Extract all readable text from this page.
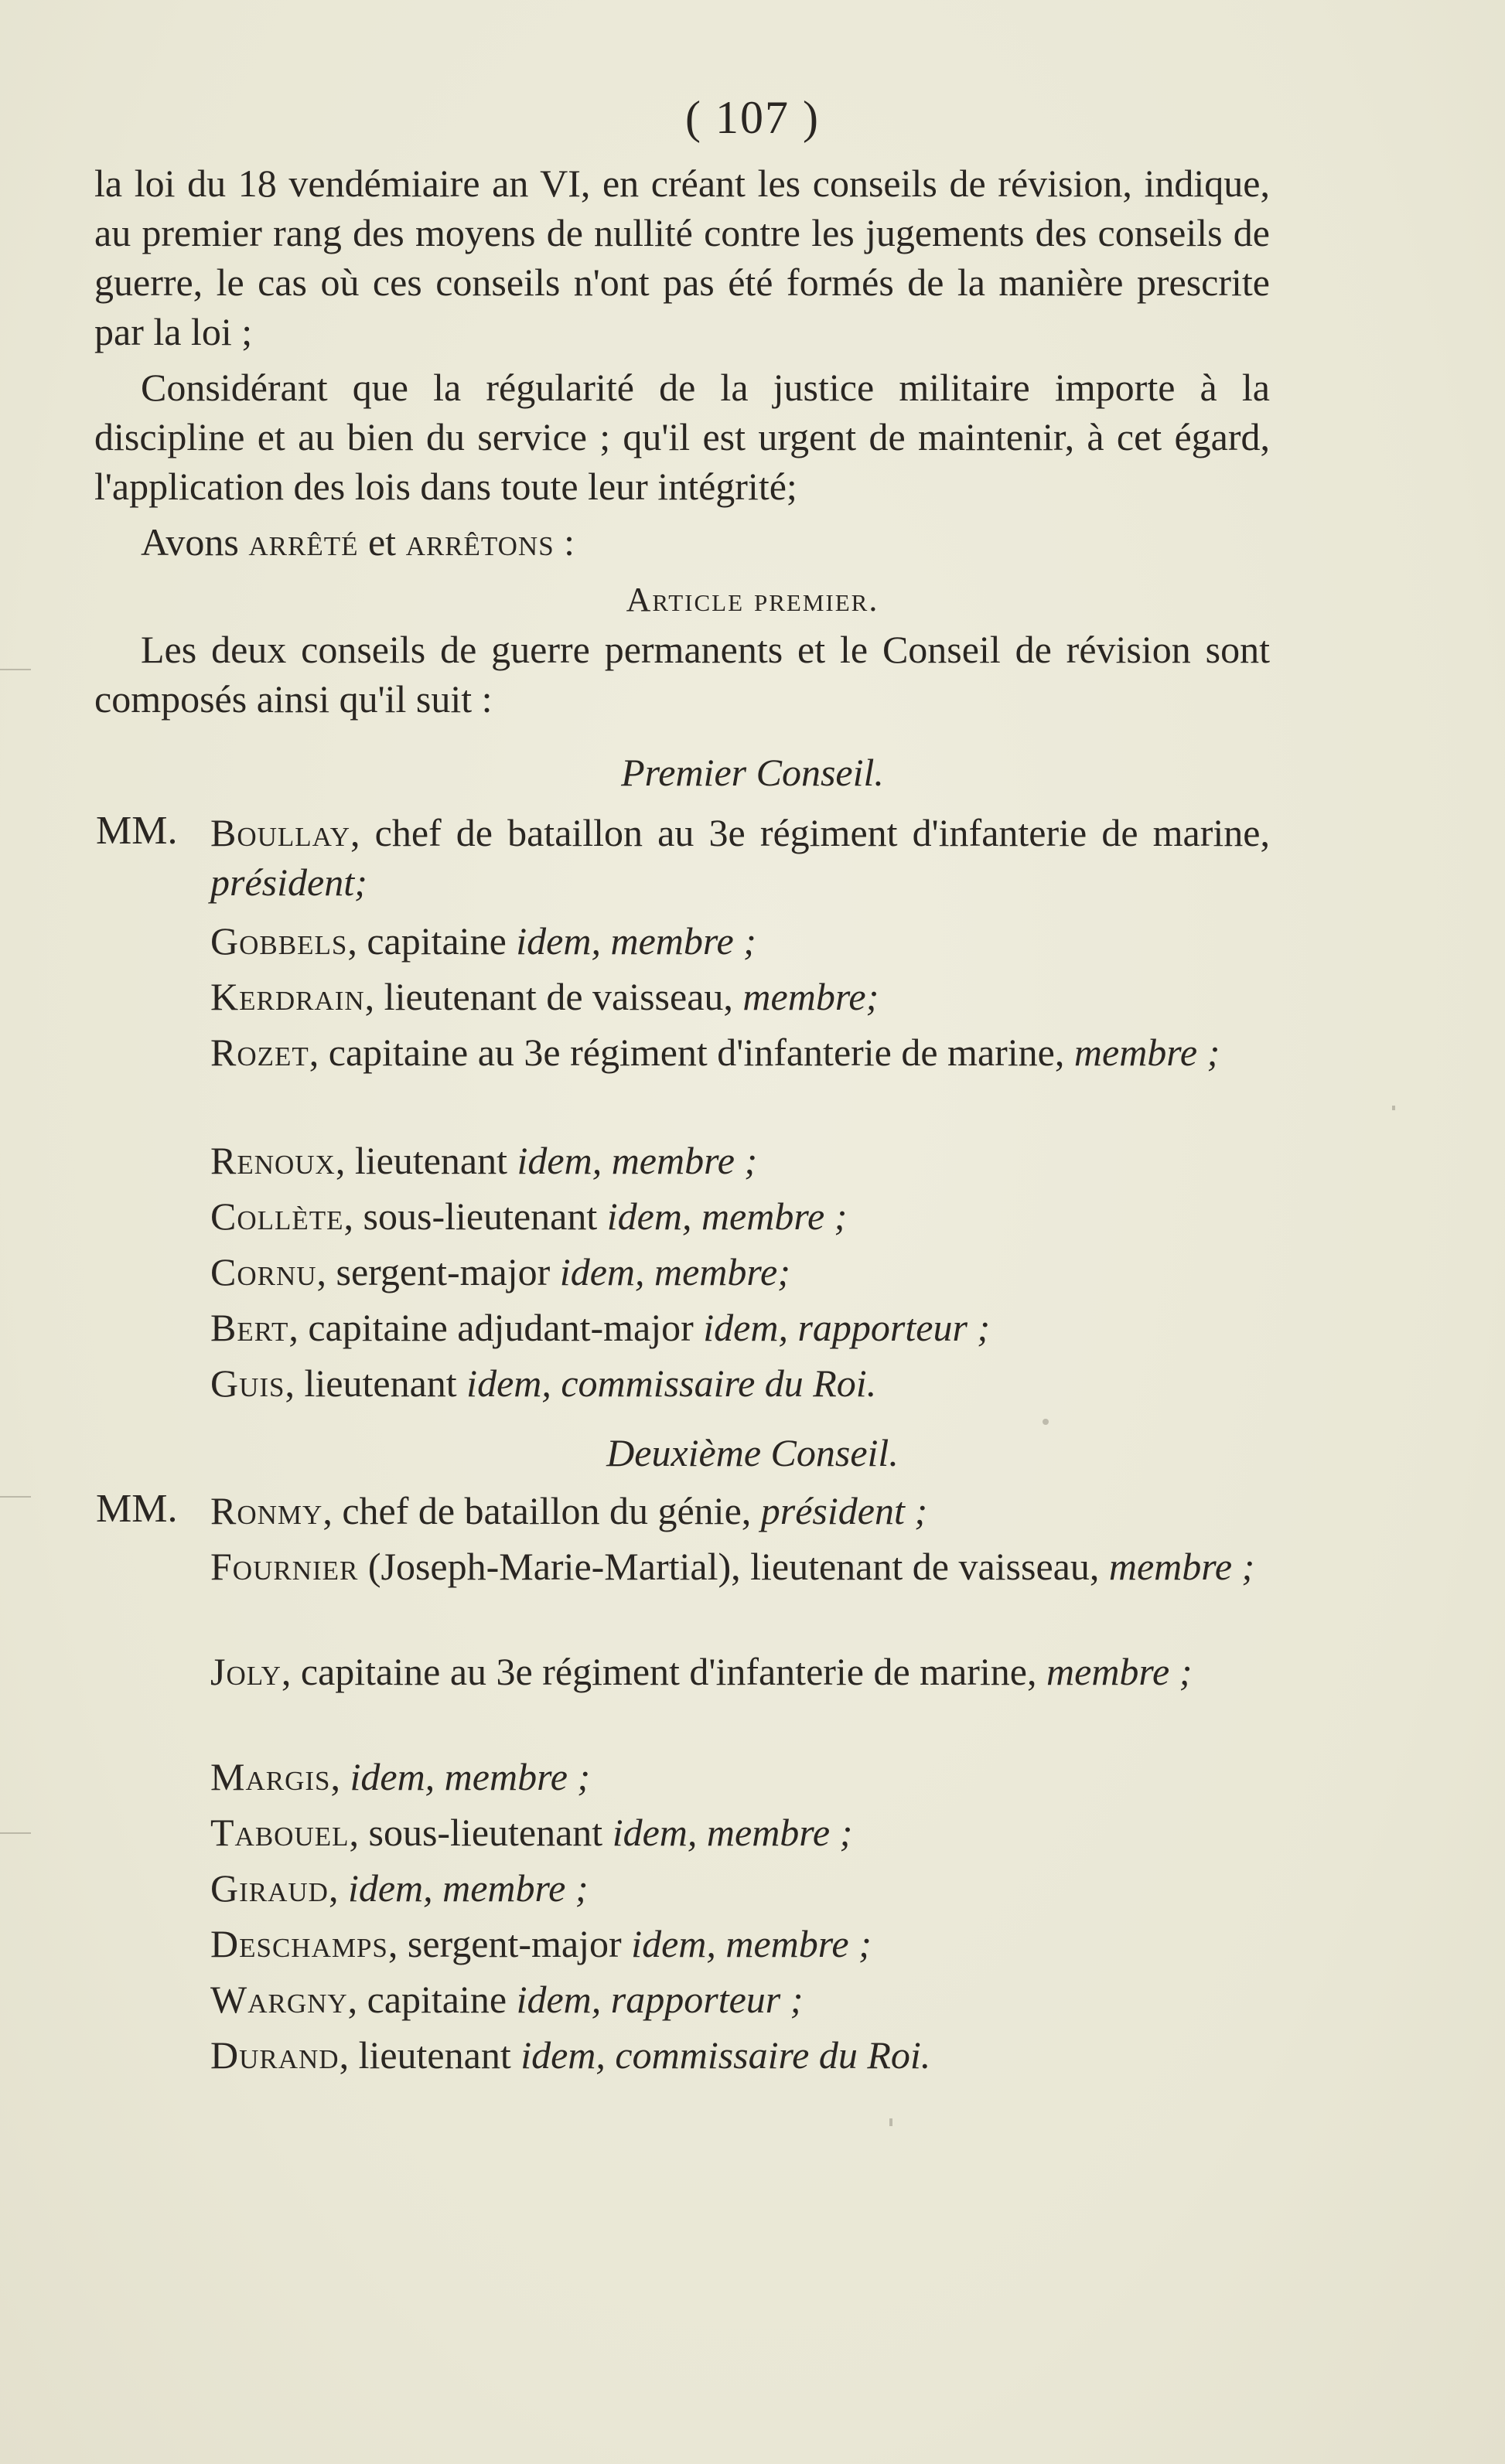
( 107 )

la loi du 18 vendémiaire an VI, en créant les conseils de révision, indique, au premier rang des moyens de nullité contre les jugements des conseils de guerre, le cas où ces conseils n'ont pas été formés de la manière prescrite par la loi ;

Considérant que la régularité de la justice militaire importe à la discipline et au bien du service ; qu'il est urgent de maintenir, à cet égard, l'application des lois dans toute leur intégrité;

Avons arrêté et arrêtons :

Article premier.

Les deux conseils de guerre permanents et le Conseil de révision sont composés ainsi qu'il suit :

Premier Conseil.
MM. Boullay, chef de bataillon au 3e régiment d'infanterie de marine, président;
Gobbels, capitaine idem, membre ;
Kerdrain, lieutenant de vaisseau, membre;
Rozet, capitaine au 3e régiment d'infanterie de marine, membre ;
Renoux, lieutenant idem, membre ;
Collète, sous-lieutenant idem, membre ;
Cornu, sergent-major idem, membre;
Bert, capitaine adjudant-major idem, rapporteur ;
Guis, lieutenant idem, commissaire du Roi.
Deuxième Conseil.
MM. Ronmy, chef de bataillon du génie, président ;
Fournier (Joseph-Marie-Martial), lieutenant de vaisseau, membre ;
Joly, capitaine au 3e régiment d'infanterie de marine, membre ;
Margis, idem, membre ;
Tabouel, sous-lieutenant idem, membre ;
Giraud, idem, membre ;
Deschamps, sergent-major idem, membre ;
Wargny, capitaine idem, rapporteur ;
Durand, lieutenant idem, commissaire du Roi.
